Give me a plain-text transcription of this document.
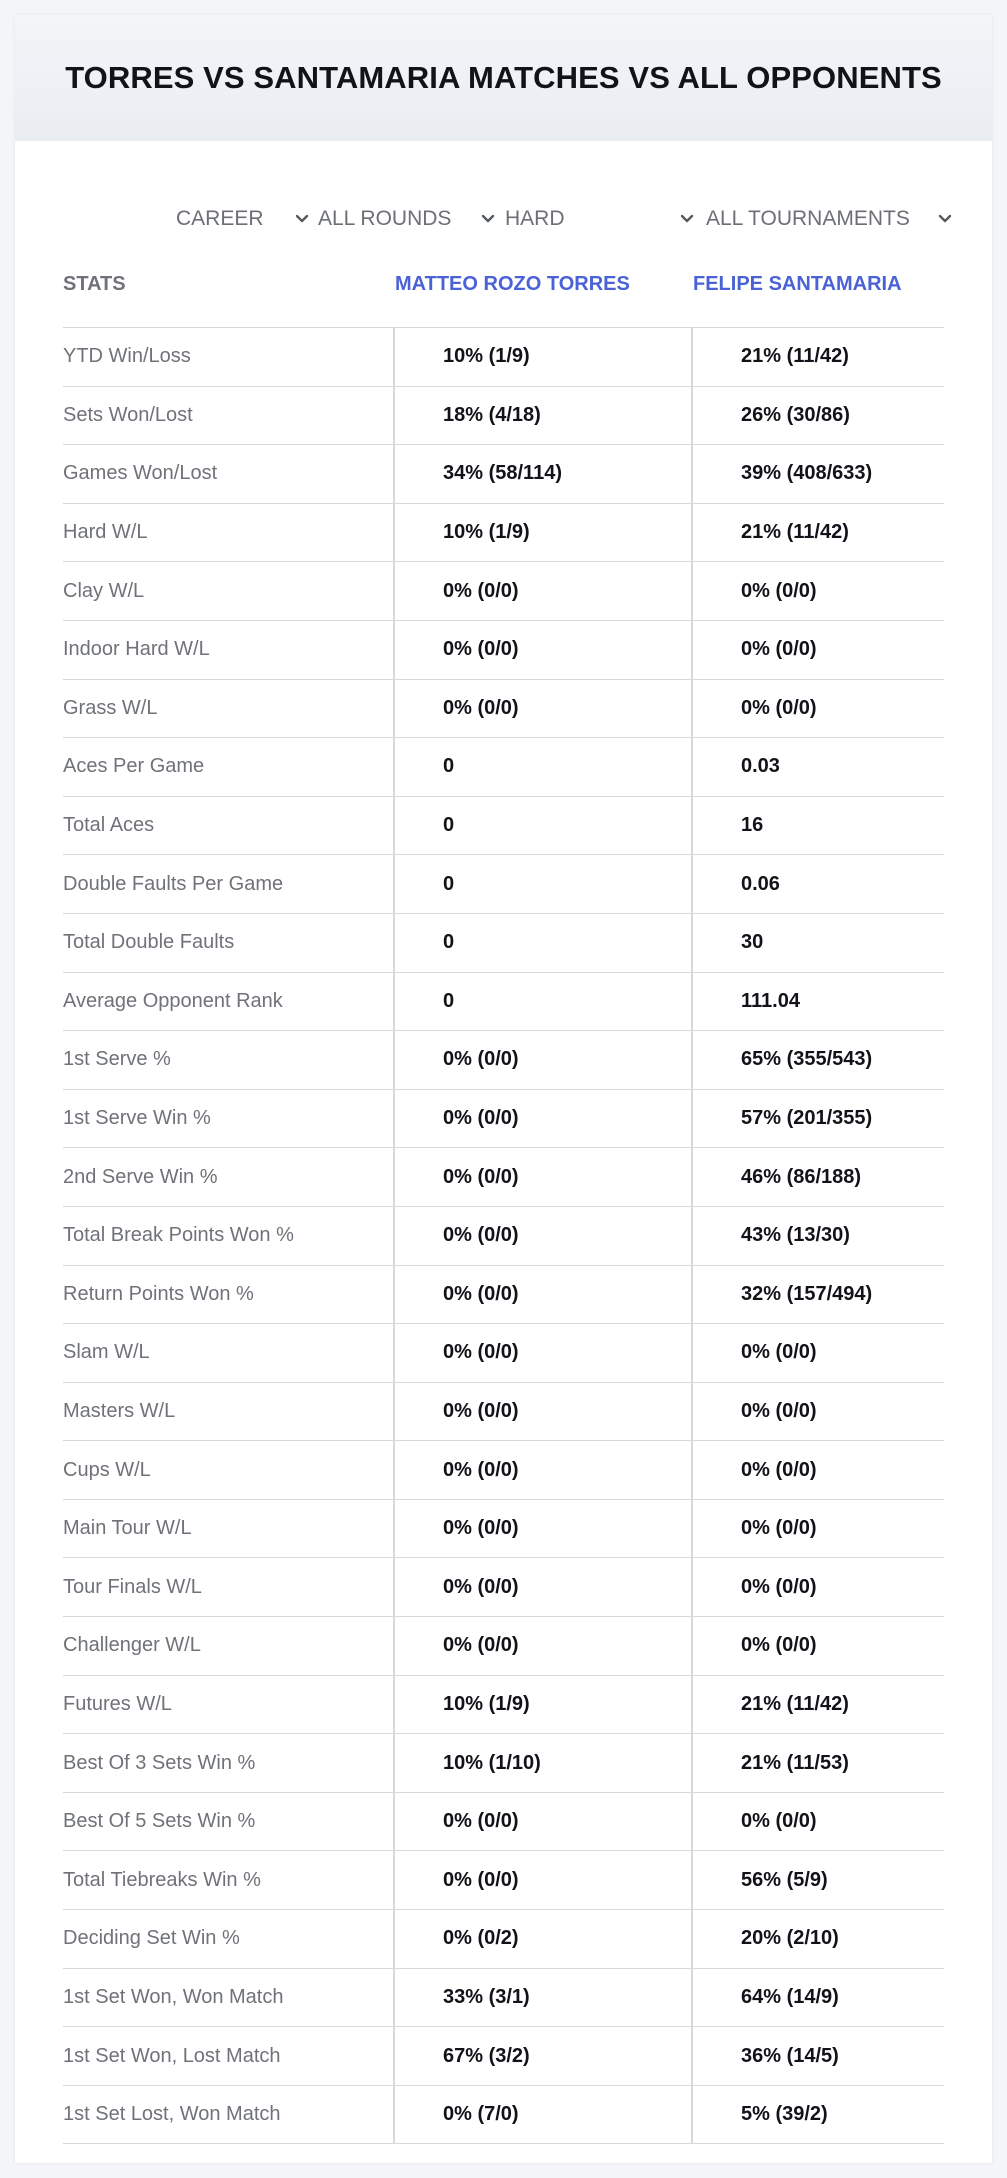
TORRES VS SANTAMARIA MATCHES VS ALL OPPONENTS
CAREER	ALL ROUNDS	HARD	ALL TOURNAMENTS
STATS	MATTEO ROZO TORRES	FELIPE SANTAMARIA
YTD Win/Loss	10% (1/9)	21% (11/42)
Sets Won/Lost	18% (4/18)	26% (30/86)
Games Won/Lost	34% (58/114)	39% (408/633)
Hard W/L	10% (1/9)	21% (11/42)
Clay W/L	0% (0/0)	0% (0/0)
Indoor Hard W/L	0% (0/0)	0% (0/0)
Grass W/L	0% (0/0)	0% (0/0)
Aces Per Game	0	0.03
Total Aces	0	16
Double Faults Per Game	0	0.06
Total Double Faults	0	30
Average Opponent Rank	0	111.04
1st Serve %	0% (0/0)	65% (355/543)
1st Serve Win %	0% (0/0)	57% (201/355)
2nd Serve Win %	0% (0/0)	46% (86/188)
Total Break Points Won %	0% (0/0)	43% (13/30)
Return Points Won %	0% (0/0)	32% (157/494)
Slam W/L	0% (0/0)	0% (0/0)
Masters W/L	0% (0/0)	0% (0/0)
Cups W/L	0% (0/0)	0% (0/0)
Main Tour W/L	0% (0/0)	0% (0/0)
Tour Finals W/L	0% (0/0)	0% (0/0)
Challenger W/L	0% (0/0)	0% (0/0)
Futures W/L	10% (1/9)	21% (11/42)
Best Of 3 Sets Win %	10% (1/10)	21% (11/53)
Best Of 5 Sets Win %	0% (0/0)	0% (0/0)
Total Tiebreaks Win %	0% (0/0)	56% (5/9)
Deciding Set Win %	0% (0/2)	20% (2/10)
1st Set Won, Won Match	33% (3/1)	64% (14/9)
1st Set Won, Lost Match	67% (3/2)	36% (14/5)
1st Set Lost, Won Match	0% (7/0)	5% (39/2)
